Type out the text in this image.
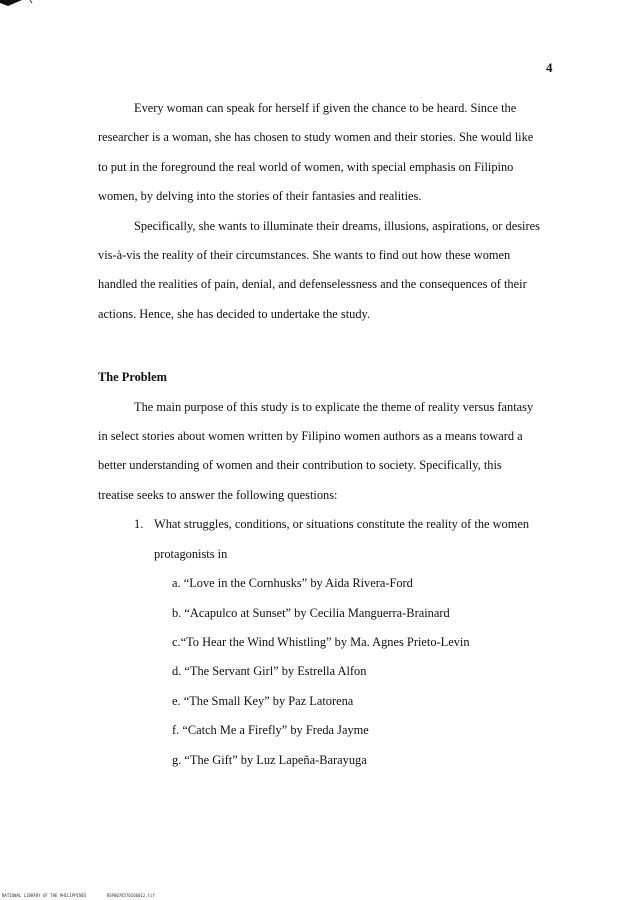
4
Every woman can speak for herself if given the chance to be heard. Since the
researcher is a woman, she has chosen to study women and their stories. She would like
to put in the foreground the real world of women, with special emphasis on Filipino
women, by delving into the stories of their fantasies and realities.
Specifically, she wants to illuminate their dreams, illusions, aspirations, or desires
vis-à-vis the reality of their circumstances. She wants to find out how these women
handled the realities of pain, denial, and defenselessness and the consequences of their
actions. Hence, she has decided to undertake the study.
The Problem
The main purpose of this study is to explicate the theme of reality versus fantasy
in select stories about women written by Filipino women authors as a means toward a
better understanding of women and their contribution to society. Specifically, this
treatise seeks to answer the following questions:
1. What struggles, conditions, or situations constitute the reality of the women
protagonists in
a. “Love in the Cornhusks” by Aida Rivera-Ford
b. “Acapulco at Sunset” by Cecilia Manguerra-Brainard
c.“To Hear the Wind Whistling” by Ma. Agnes Prieto-Levin
d. “The Servant Girl” by Estrella Alfon
e. “The Small Key” by Paz Latorena
f. “Catch Me a Firefly” by Freda Jayme
g. “The Gift” by Luz Lapeña-Barayuga
NATIONAL LIBRARY OF THE PHILIPPINES	RSP0078570166012.tif
